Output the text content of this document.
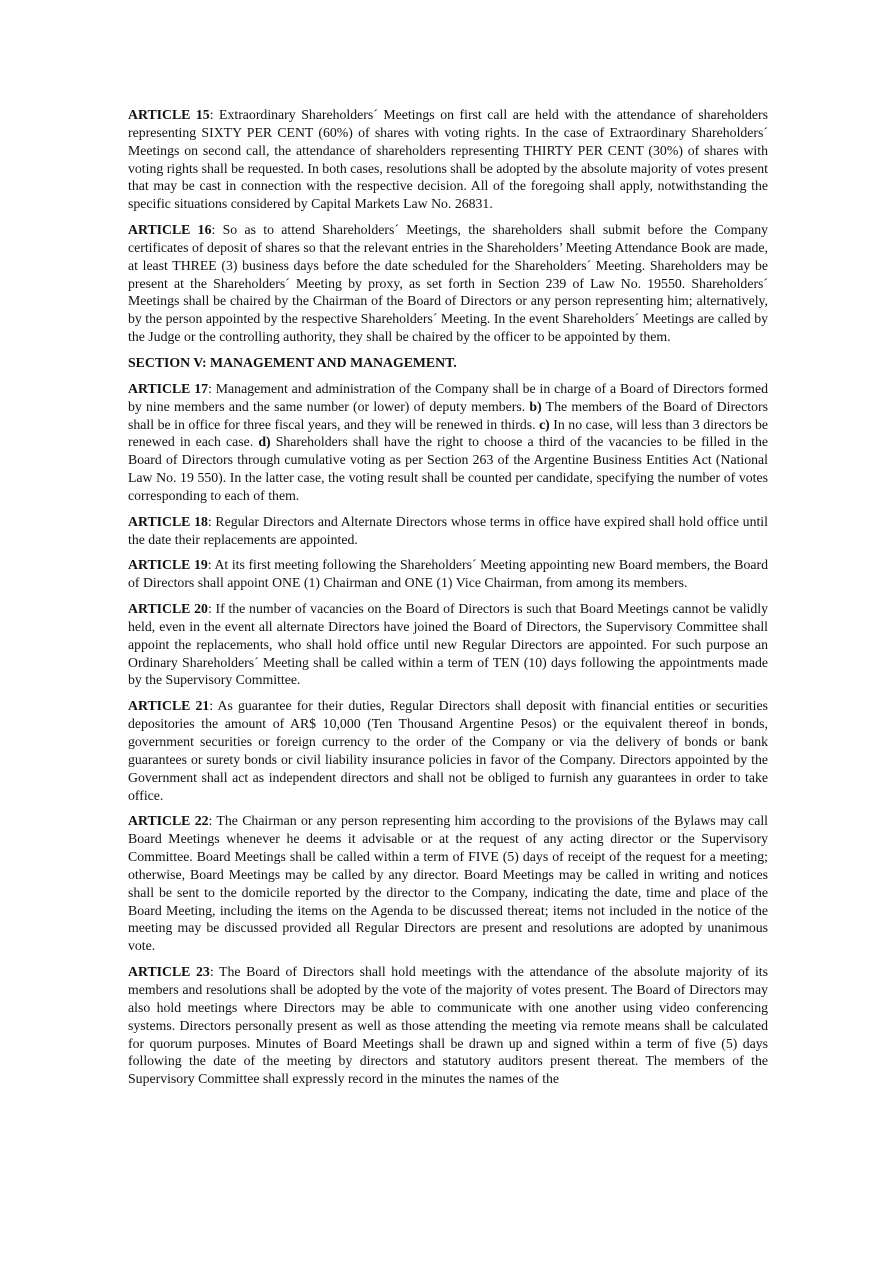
ARTICLE 15: Extraordinary Shareholders´ Meetings on first call are held with the attendance of shareholders representing SIXTY PER CENT (60%) of shares with voting rights. In the case of Extraordinary Shareholders´ Meetings on second call, the attendance of shareholders representing THIRTY PER CENT (30%) of shares with voting rights shall be requested. In both cases, resolutions shall be adopted by the absolute majority of votes present that may be cast in connection with the respective decision. All of the foregoing shall apply, notwithstanding the specific situations considered by Capital Markets Law No. 26831.

ARTICLE 16: So as to attend Shareholders´ Meetings, the shareholders shall submit before the Company certificates of deposit of shares so that the relevant entries in the Shareholders’ Meeting Attendance Book are made, at least THREE (3) business days before the date scheduled for the Shareholders´ Meeting. Shareholders may be present at the Shareholders´ Meeting by proxy, as set forth in Section 239 of Law No. 19550. Shareholders´ Meetings shall be chaired by the Chairman of the Board of Directors or any person representing him; alternatively, by the person appointed by the respective Shareholders´ Meeting. In the event Shareholders´ Meetings are called by the Judge or the controlling authority, they shall be chaired by the officer to be appointed by them.

SECTION V: MANAGEMENT AND MANAGEMENT.

ARTICLE 17: Management and administration of the Company shall be in charge of a Board of Directors formed by nine members and the same number (or lower) of deputy members. b) The members of the Board of Directors shall be in office for three fiscal years, and they will be renewed in thirds. c) In no case, will less than 3 directors be renewed in each case. d) Shareholders shall have the right to choose a third of the vacancies to be filled in the Board of Directors through cumulative voting as per Section 263 of the Argentine Business Entities Act (National Law No. 19 550). In the latter case, the voting result shall be counted per candidate, specifying the number of votes corresponding to each of them.

ARTICLE 18: Regular Directors and Alternate Directors whose terms in office have expired shall hold office until the date their replacements are appointed.

ARTICLE 19: At its first meeting following the Shareholders´ Meeting appointing new Board members, the Board of Directors shall appoint ONE (1) Chairman and ONE (1) Vice Chairman, from among its members.

ARTICLE 20: If the number of vacancies on the Board of Directors is such that Board Meetings cannot be validly held, even in the event all alternate Directors have joined the Board of Directors, the Supervisory Committee shall appoint the replacements, who shall hold office until new Regular Directors are appointed. For such purpose an Ordinary Shareholders´ Meeting shall be called within a term of TEN (10) days following the appointments made by the Supervisory Committee.

ARTICLE 21: As guarantee for their duties, Regular Directors shall deposit with financial entities or securities depositories the amount of AR$ 10,000 (Ten Thousand Argentine Pesos) or the equivalent thereof in bonds, government securities or foreign currency to the order of the Company or via the delivery of bonds or bank guarantees or surety bonds or civil liability insurance policies in favor of the Company. Directors appointed by the Government shall act as independent directors and shall not be obliged to furnish any guarantees in order to take office.

ARTICLE 22: The Chairman or any person representing him according to the provisions of the Bylaws may call Board Meetings whenever he deems it advisable or at the request of any acting director or the Supervisory Committee. Board Meetings shall be called within a term of FIVE (5) days of receipt of the request for a meeting; otherwise, Board Meetings may be called by any director. Board Meetings may be called in writing and notices shall be sent to the domicile reported by the director to the Company, indicating the date, time and place of the Board Meeting, including the items on the Agenda to be discussed thereat; items not included in the notice of the meeting may be discussed provided all Regular Directors are present and resolutions are adopted by unanimous vote.

ARTICLE 23: The Board of Directors shall hold meetings with the attendance of the absolute majority of its members and resolutions shall be adopted by the vote of the majority of votes present. The Board of Directors may also hold meetings where Directors may be able to communicate with one another using video conferencing systems. Directors personally present as well as those attending the meeting via remote means shall be calculated for quorum purposes. Minutes of Board Meetings shall be drawn up and signed within a term of five (5) days following the date of the meeting by directors and statutory auditors present thereat. The members of the Supervisory Committee shall expressly record in the minutes the names of the
